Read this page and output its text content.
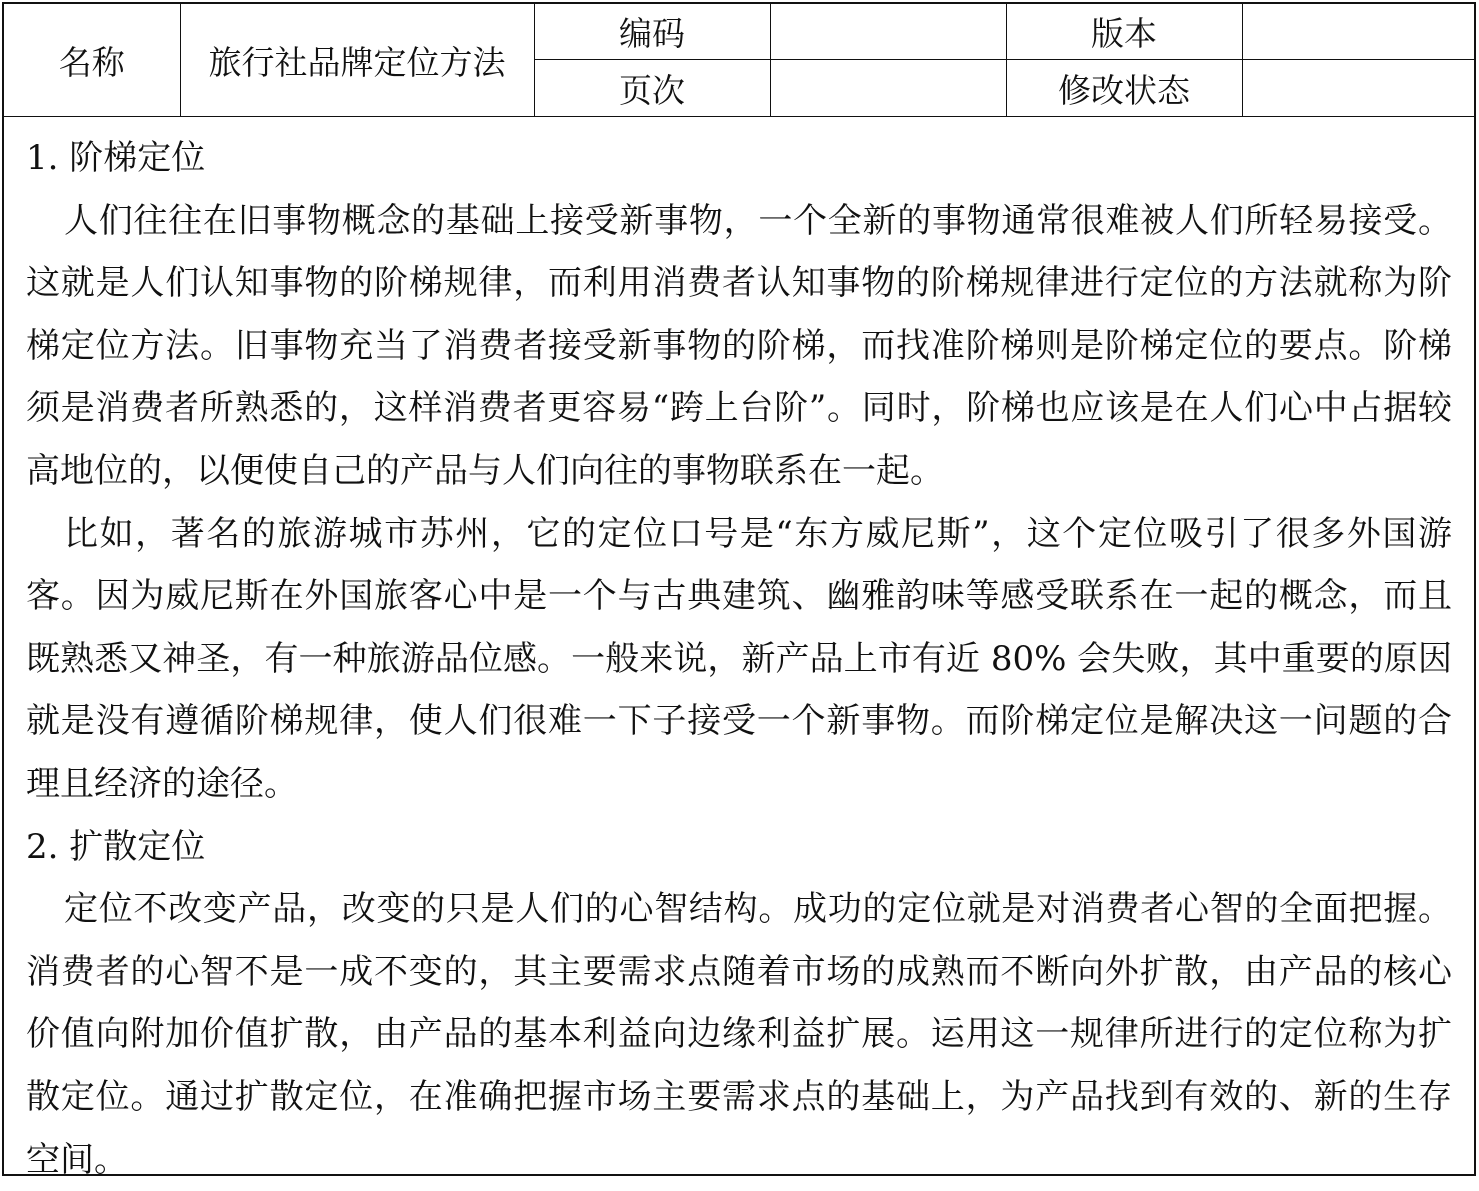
名称	旅行社品牌定位方法	编码		版本	
		页次		修改状态	

1. 阶梯定位

人们往往在旧事物概念的基础上接受新事物，一个全新的事物通常很难被人们所轻易接受。这就是人们认知事物的阶梯规律，而利用消费者认知事物的阶梯规律进行定位的方法就称为阶梯定位方法。旧事物充当了消费者接受新事物的阶梯，而找准阶梯则是阶梯定位的要点。阶梯须是消费者所熟悉的，这样消费者更容易“跨上台阶”。同时，阶梯也应该是在人们心中占据较高地位的，以便使自己的产品与人们向往的事物联系在一起。

比如，著名的旅游城市苏州，它的定位口号是“东方威尼斯”，这个定位吸引了很多外国游客。因为威尼斯在外国旅客心中是一个与古典建筑、幽雅韵味等感受联系在一起的概念，而且既熟悉又神圣，有一种旅游品位感。一般来说，新产品上市有近 80% 会失败，其中重要的原因就是没有遵循阶梯规律，使人们很难一下子接受一个新事物。而阶梯定位是解决这一问题的合理且经济的途径。

2. 扩散定位

定位不改变产品，改变的只是人们的心智结构。成功的定位就是对消费者心智的全面把握。消费者的心智不是一成不变的，其主要需求点随着市场的成熟而不断向外扩散，由产品的核心价值向附加价值扩散，由产品的基本利益向边缘利益扩展。运用这一规律所进行的定位称为扩散定位。通过扩散定位，在准确把握市场主要需求点的基础上，为产品找到有效的、新的生存空间。
